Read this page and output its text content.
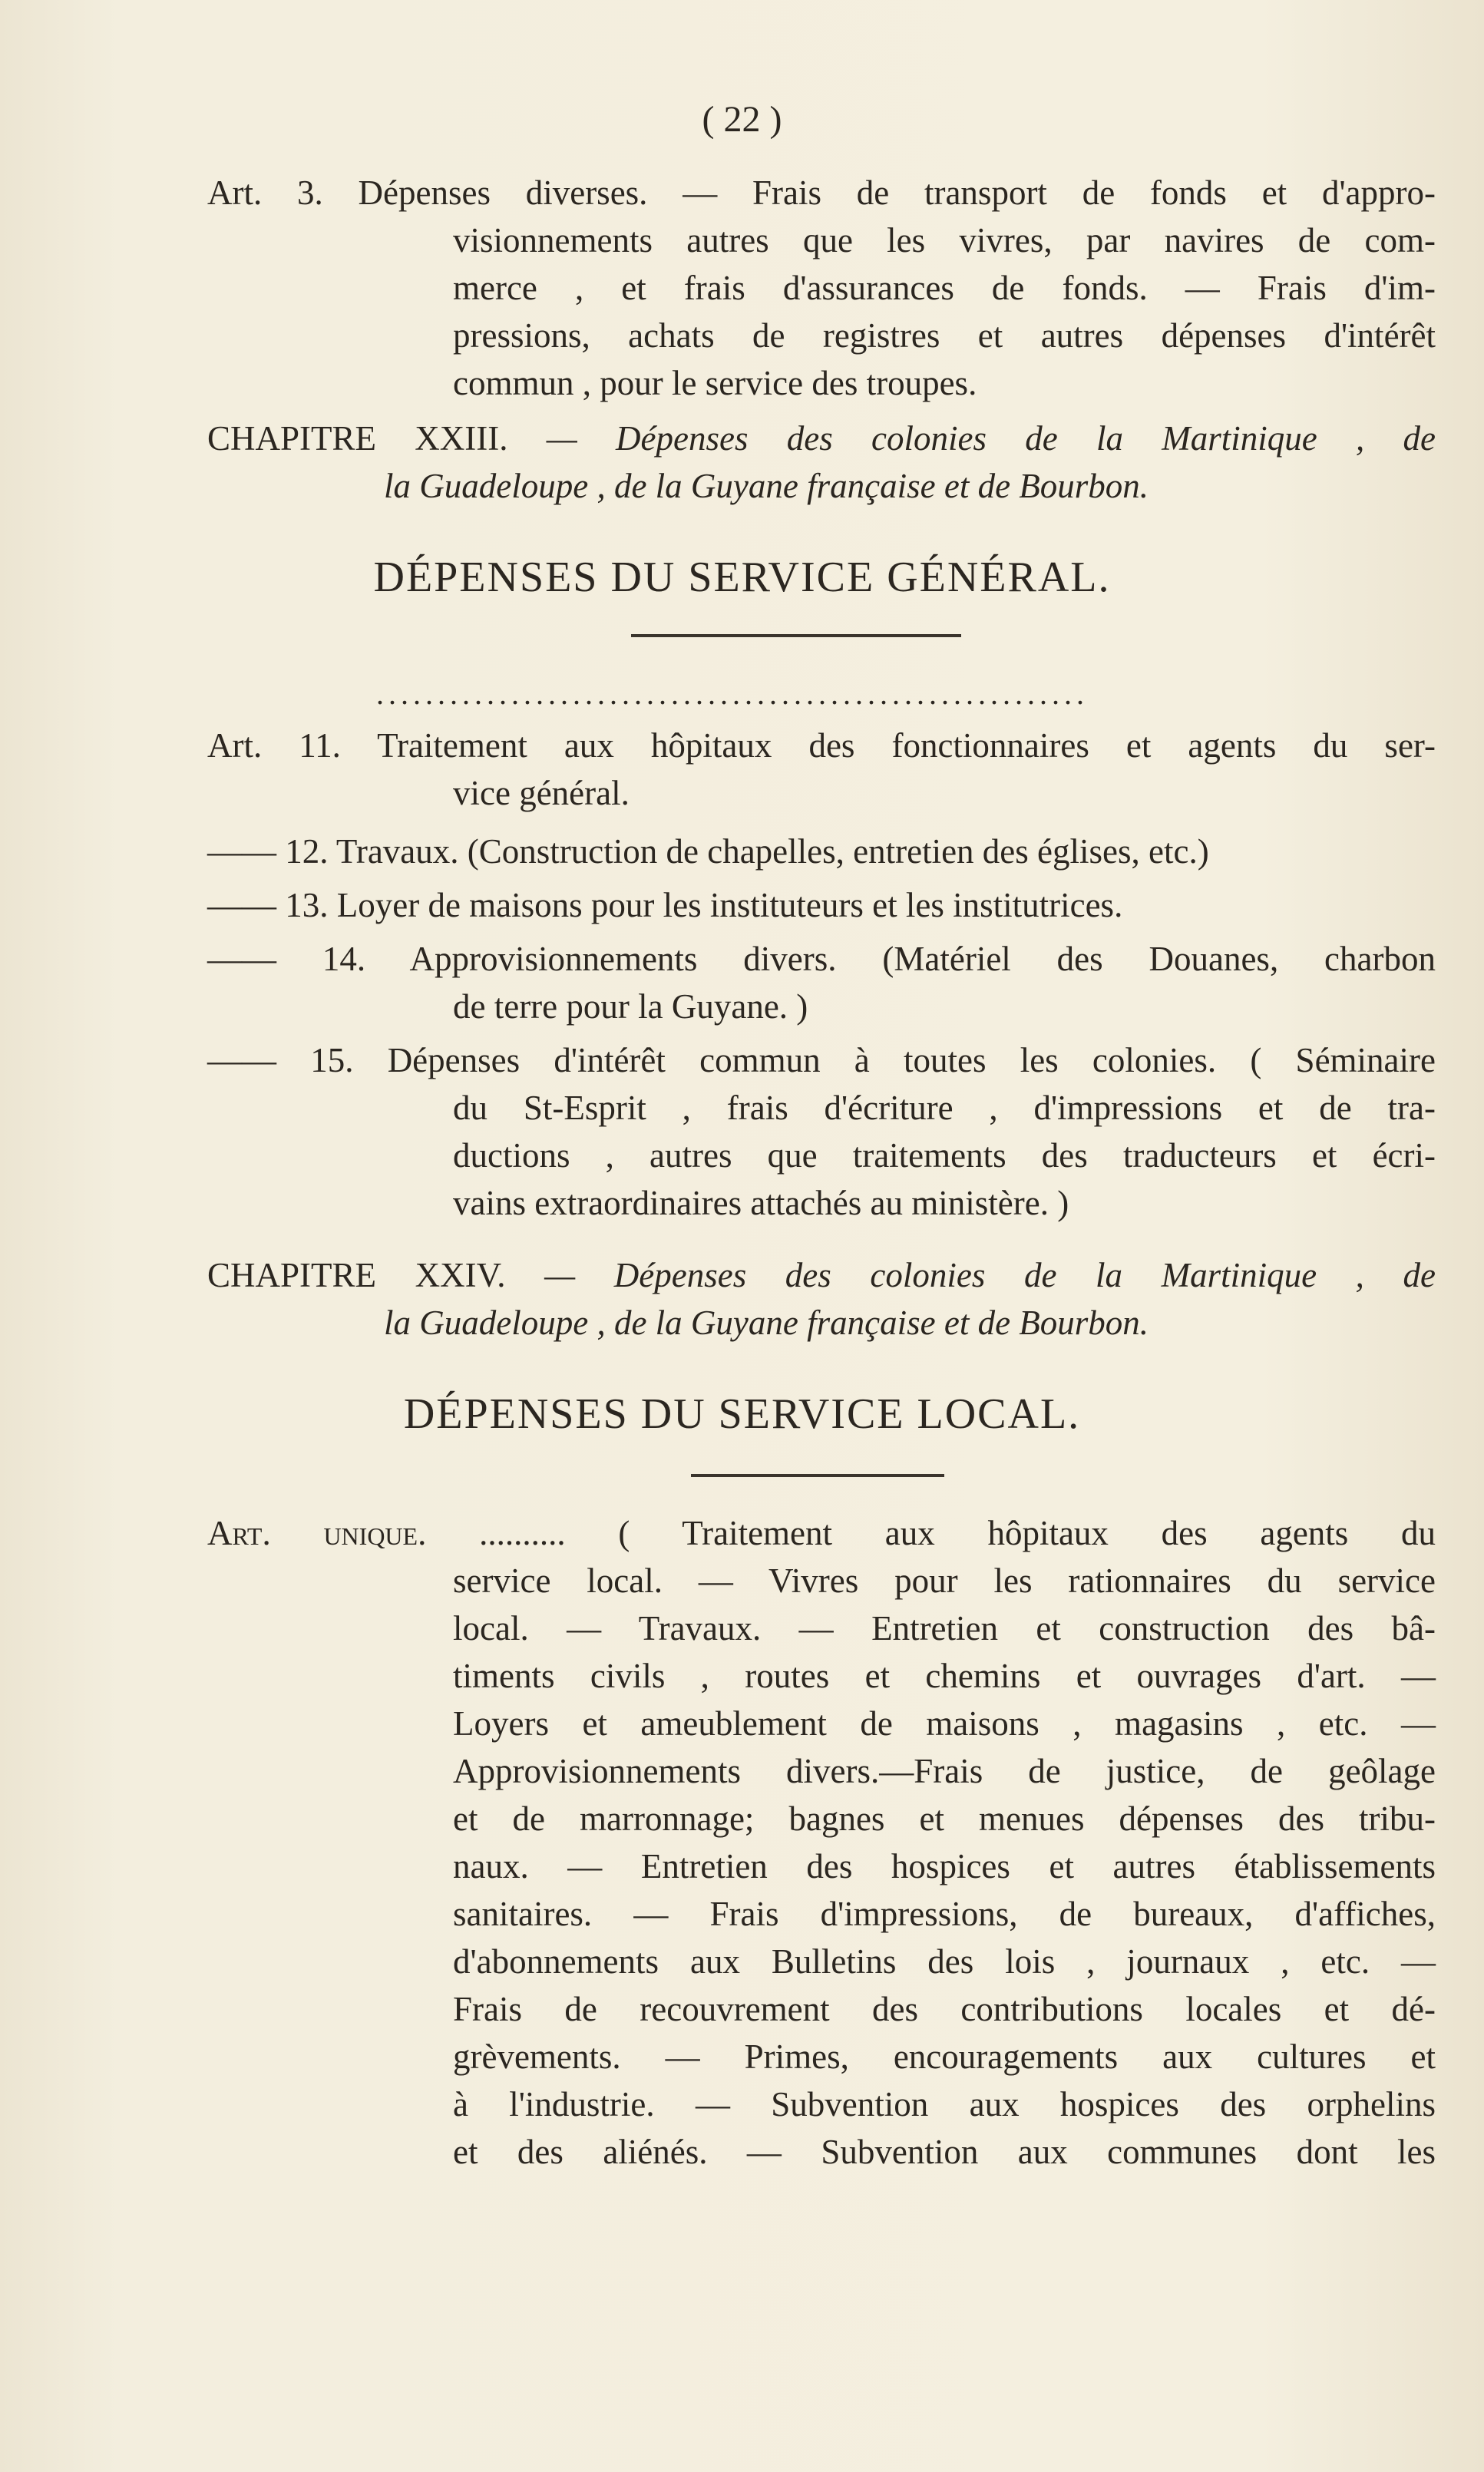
( 22 )
Art. 3. Dépenses diverses. — Frais de transport de fonds et d'appro-
visionnements autres que les vivres, par navires de com-
merce , et frais d'assurances de fonds. — Frais d'im-
pressions, achats de registres et autres dépenses d'intérêt
commun , pour le service des troupes.
CHAPITRE XXIII. — Dépenses des colonies de la Martinique , de
la Guadeloupe , de la Guyane française et de Bourbon.
DÉPENSES DU SERVICE GÉNÉRAL.
..........................................................
Art. 11. Traitement aux hôpitaux des fonctionnaires et agents du ser-
vice général.
—— 12. Travaux. (Construction de chapelles, entretien des églises, etc.)
—— 13. Loyer de maisons pour les instituteurs et les institutrices.
—— 14. Approvisionnements divers. (Matériel des Douanes, charbon
de terre pour la Guyane. )
—— 15. Dépenses d'intérêt commun à toutes les colonies. ( Séminaire
du St-Esprit , frais d'écriture , d'impressions et de tra-
ductions , autres que traitements des traducteurs et écri-
vains extraordinaires attachés au ministère. )
CHAPITRE XXIV. — Dépenses des colonies de la Martinique , de
la Guadeloupe , de la Guyane française et de Bourbon.
DÉPENSES DU SERVICE LOCAL.
Art. unique. .......... ( Traitement aux hôpitaux des agents du
service local. — Vivres pour les rationnaires du service
local. — Travaux. — Entretien et construction des bâ-
timents civils , routes et chemins et ouvrages d'art. —
Loyers et ameublement de maisons , magasins , etc. —
Approvisionnements divers.—Frais de justice, de geôlage
et de marronnage; bagnes et menues dépenses des tribu-
naux. — Entretien des hospices et autres établissements
sanitaires. — Frais d'impressions, de bureaux, d'affiches,
d'abonnements aux Bulletins des lois , journaux , etc. —
Frais de recouvrement des contributions locales et dé-
grèvements. — Primes, encouragements aux cultures et
à l'industrie. — Subvention aux hospices des orphelins
et des aliénés. — Subvention aux communes dont les
